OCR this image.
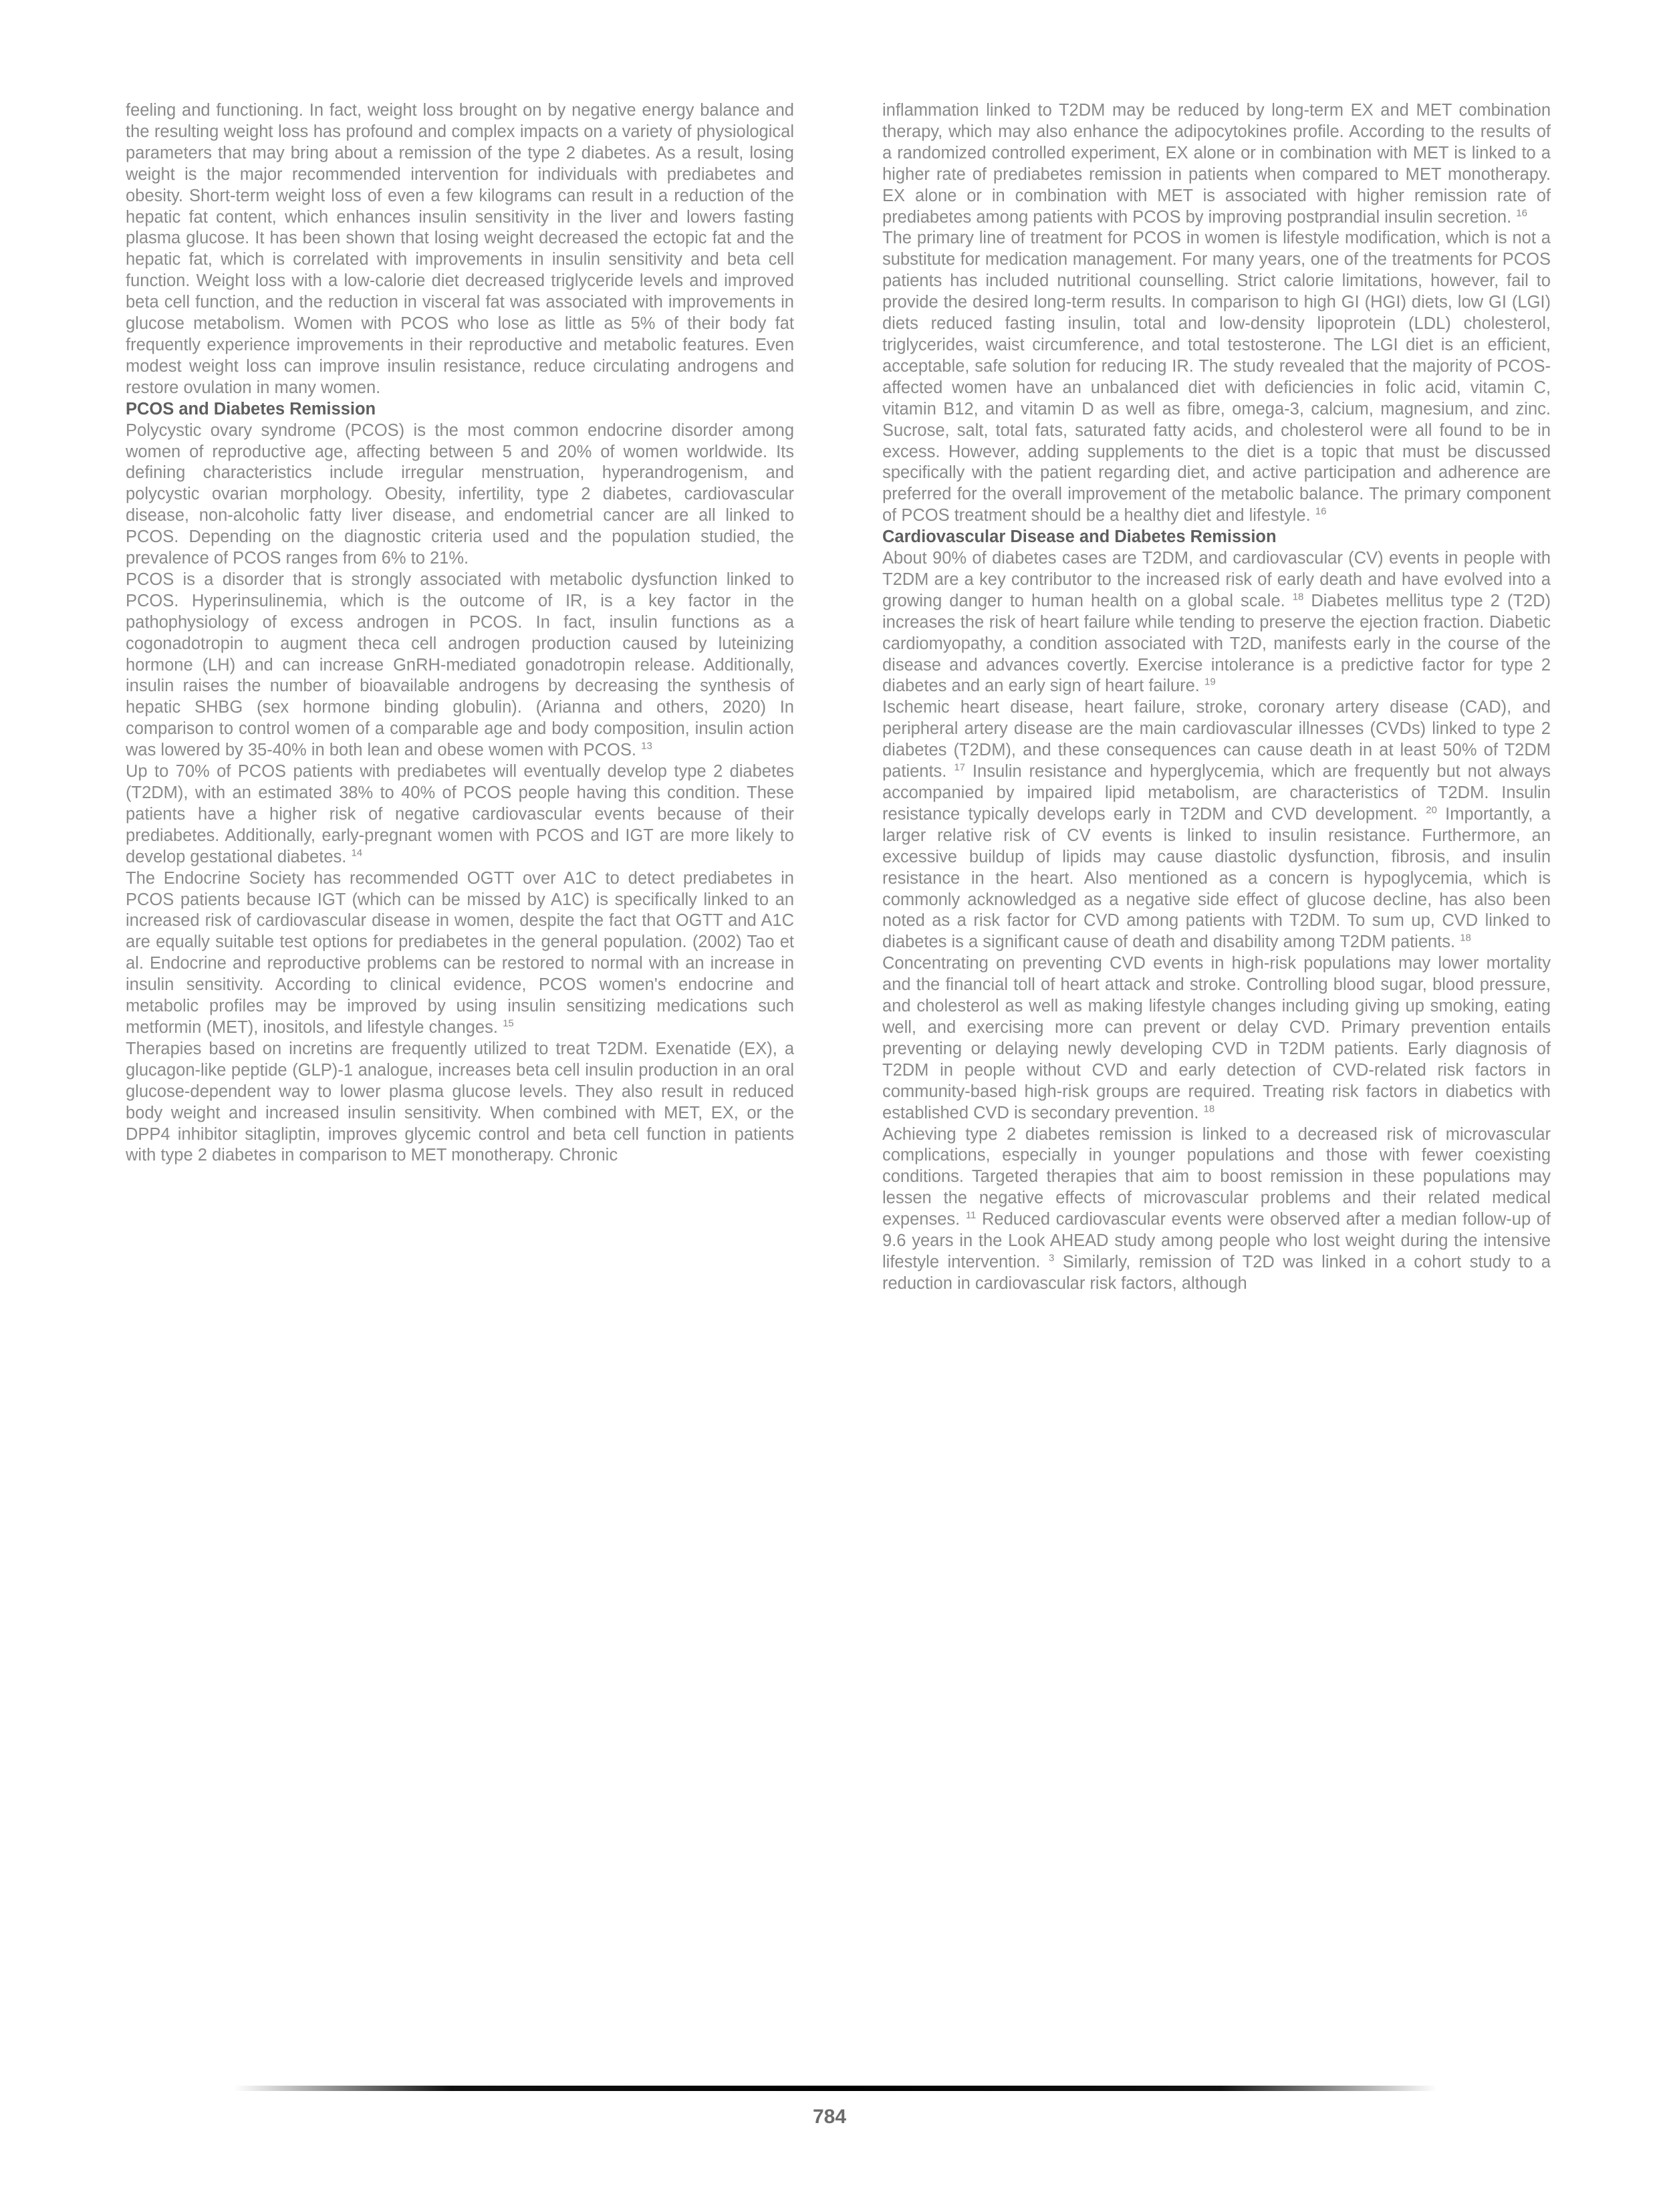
feeling and functioning. In fact, weight loss brought on by negative energy balance and the resulting weight loss has profound and complex impacts on a variety of physiological parameters that may bring about a remission of the type 2 diabetes. As a result, losing weight is the major recommended intervention for individuals with prediabetes and obesity. Short-term weight loss of even a few kilograms can result in a reduction of the hepatic fat content, which enhances insulin sensitivity in the liver and lowers fasting plasma glucose. It has been shown that losing weight decreased the ectopic fat and the hepatic fat, which is correlated with improvements in insulin sensitivity and beta cell function. Weight loss with a low-calorie diet decreased triglyceride levels and improved beta cell function, and the reduction in visceral fat was associated with improvements in glucose metabolism. Women with PCOS who lose as little as 5% of their body fat frequently experience improvements in their reproductive and metabolic features. Even modest weight loss can improve insulin resistance, reduce circulating androgens and restore ovulation in many women.

PCOS and Diabetes Remission

Polycystic ovary syndrome (PCOS) is the most common endocrine disorder among women of reproductive age, affecting between 5 and 20% of women worldwide. Its defining characteristics include irregular menstruation, hyperandrogenism, and polycystic ovarian morphology. Obesity, infertility, type 2 diabetes, cardiovascular disease, non-alcoholic fatty liver disease, and endometrial cancer are all linked to PCOS. Depending on the diagnostic criteria used and the population studied, the prevalence of PCOS ranges from 6% to 21%.

PCOS is a disorder that is strongly associated with metabolic dysfunction linked to PCOS. Hyperinsulinemia, which is the outcome of IR, is a key factor in the pathophysiology of excess androgen in PCOS. In fact, insulin functions as a cogonadotropin to augment theca cell androgen production caused by luteinizing hormone (LH) and can increase GnRH-mediated gonadotropin release. Additionally, insulin raises the number of bioavailable androgens by decreasing the synthesis of hepatic SHBG (sex hormone binding globulin). (Arianna and others, 2020) In comparison to control women of a comparable age and body composition, insulin action was lowered by 35-40% in both lean and obese women with PCOS. $^{13}$

Up to 70% of PCOS patients with prediabetes will eventually develop type 2 diabetes (T2DM), with an estimated 38% to 40% of PCOS people having this condition. These patients have a higher risk of negative cardiovascular events because of their prediabetes. Additionally, early-pregnant women with PCOS and IGT are more likely to develop gestational diabetes. $^{14}$

The Endocrine Society has recommended OGTT over A1C to detect prediabetes in PCOS patients because IGT (which can be missed by A1C) is specifically linked to an increased risk of cardiovascular disease in women, despite the fact that OGTT and A1C are equally suitable test options for prediabetes in the general population. (2002) Tao et al. Endocrine and reproductive problems can be restored to normal with an increase in insulin sensitivity. According to clinical evidence, PCOS women's endocrine and metabolic profiles may be improved by using insulin sensitizing medications such metformin (MET), inositols, and lifestyle changes. $^{15}$

Therapies based on incretins are frequently utilized to treat T2DM. Exenatide (EX), a glucagon-like peptide (GLP)-1 analogue, increases beta cell insulin production in an oral glucose-dependent way to lower plasma glucose levels. They also result in reduced body weight and increased insulin sensitivity. When combined with MET, EX, or the DPP4 inhibitor sitagliptin, improves glycemic control and beta cell function in patients with type 2 diabetes in comparison to MET monotherapy. Chronic

inflammation linked to T2DM may be reduced by long-term EX and MET combination therapy, which may also enhance the adipocytokines profile. According to the results of a randomized controlled experiment, EX alone or in combination with MET is linked to a higher rate of prediabetes remission in patients when compared to MET monotherapy. EX alone or in combination with MET is associated with higher remission rate of prediabetes among patients with PCOS by improving postprandial insulin secretion. $^{16}$

The primary line of treatment for PCOS in women is lifestyle modification, which is not a substitute for medication management. For many years, one of the treatments for PCOS patients has included nutritional counselling. Strict calorie limitations, however, fail to provide the desired long-term results. In comparison to high GI (HGI) diets, low GI (LGI) diets reduced fasting insulin, total and low-density lipoprotein (LDL) cholesterol, triglycerides, waist circumference, and total testosterone. The LGI diet is an efficient, acceptable, safe solution for reducing IR. The study revealed that the majority of PCOS-affected women have an unbalanced diet with deficiencies in folic acid, vitamin C, vitamin B12, and vitamin D as well as fibre, omega-3, calcium, magnesium, and zinc. Sucrose, salt, total fats, saturated fatty acids, and cholesterol were all found to be in excess. However, adding supplements to the diet is a topic that must be discussed specifically with the patient regarding diet, and active participation and adherence are preferred for the overall improvement of the metabolic balance. The primary component of PCOS treatment should be a healthy diet and lifestyle. $^{16}$

Cardiovascular Disease and Diabetes Remission

About 90% of diabetes cases are T2DM, and cardiovascular (CV) events in people with T2DM are a key contributor to the increased risk of early death and have evolved into a growing danger to human health on a global scale. $^{18}$ Diabetes mellitus type 2 (T2D) increases the risk of heart failure while tending to preserve the ejection fraction. Diabetic cardiomyopathy, a condition associated with T2D, manifests early in the course of the disease and advances covertly. Exercise intolerance is a predictive factor for type 2 diabetes and an early sign of heart failure. $^{19}$

Ischemic heart disease, heart failure, stroke, coronary artery disease (CAD), and peripheral artery disease are the main cardiovascular illnesses (CVDs) linked to type 2 diabetes (T2DM), and these consequences can cause death in at least 50% of T2DM patients. $^{17}$ Insulin resistance and hyperglycemia, which are frequently but not always accompanied by impaired lipid metabolism, are characteristics of T2DM. Insulin resistance typically develops early in T2DM and CVD development. $^{20}$ Importantly, a larger relative risk of CV events is linked to insulin resistance. Furthermore, an excessive buildup of lipids may cause diastolic dysfunction, fibrosis, and insulin resistance in the heart. Also mentioned as a concern is hypoglycemia, which is commonly acknowledged as a negative side effect of glucose decline, has also been noted as a risk factor for CVD among patients with T2DM. To sum up, CVD linked to diabetes is a significant cause of death and disability among T2DM patients. $^{18}$

Concentrating on preventing CVD events in high-risk populations may lower mortality and the financial toll of heart attack and stroke. Controlling blood sugar, blood pressure, and cholesterol as well as making lifestyle changes including giving up smoking, eating well, and exercising more can prevent or delay CVD. Primary prevention entails preventing or delaying newly developing CVD in T2DM patients. Early diagnosis of T2DM in people without CVD and early detection of CVD-related risk factors in community-based high-risk groups are required. Treating risk factors in diabetics with established CVD is secondary prevention. $^{18}$

Achieving type 2 diabetes remission is linked to a decreased risk of microvascular complications, especially in younger populations and those with fewer coexisting conditions. Targeted therapies that aim to boost remission in these populations may lessen the negative effects of microvascular problems and their related medical expenses. $^{11}$ Reduced cardiovascular events were observed after a median follow-up of 9.6 years in the Look AHEAD study among people who lost weight during the intensive lifestyle intervention. $^3$ Similarly, remission of T2D was linked in a cohort study to a reduction in cardiovascular risk factors, although

784
